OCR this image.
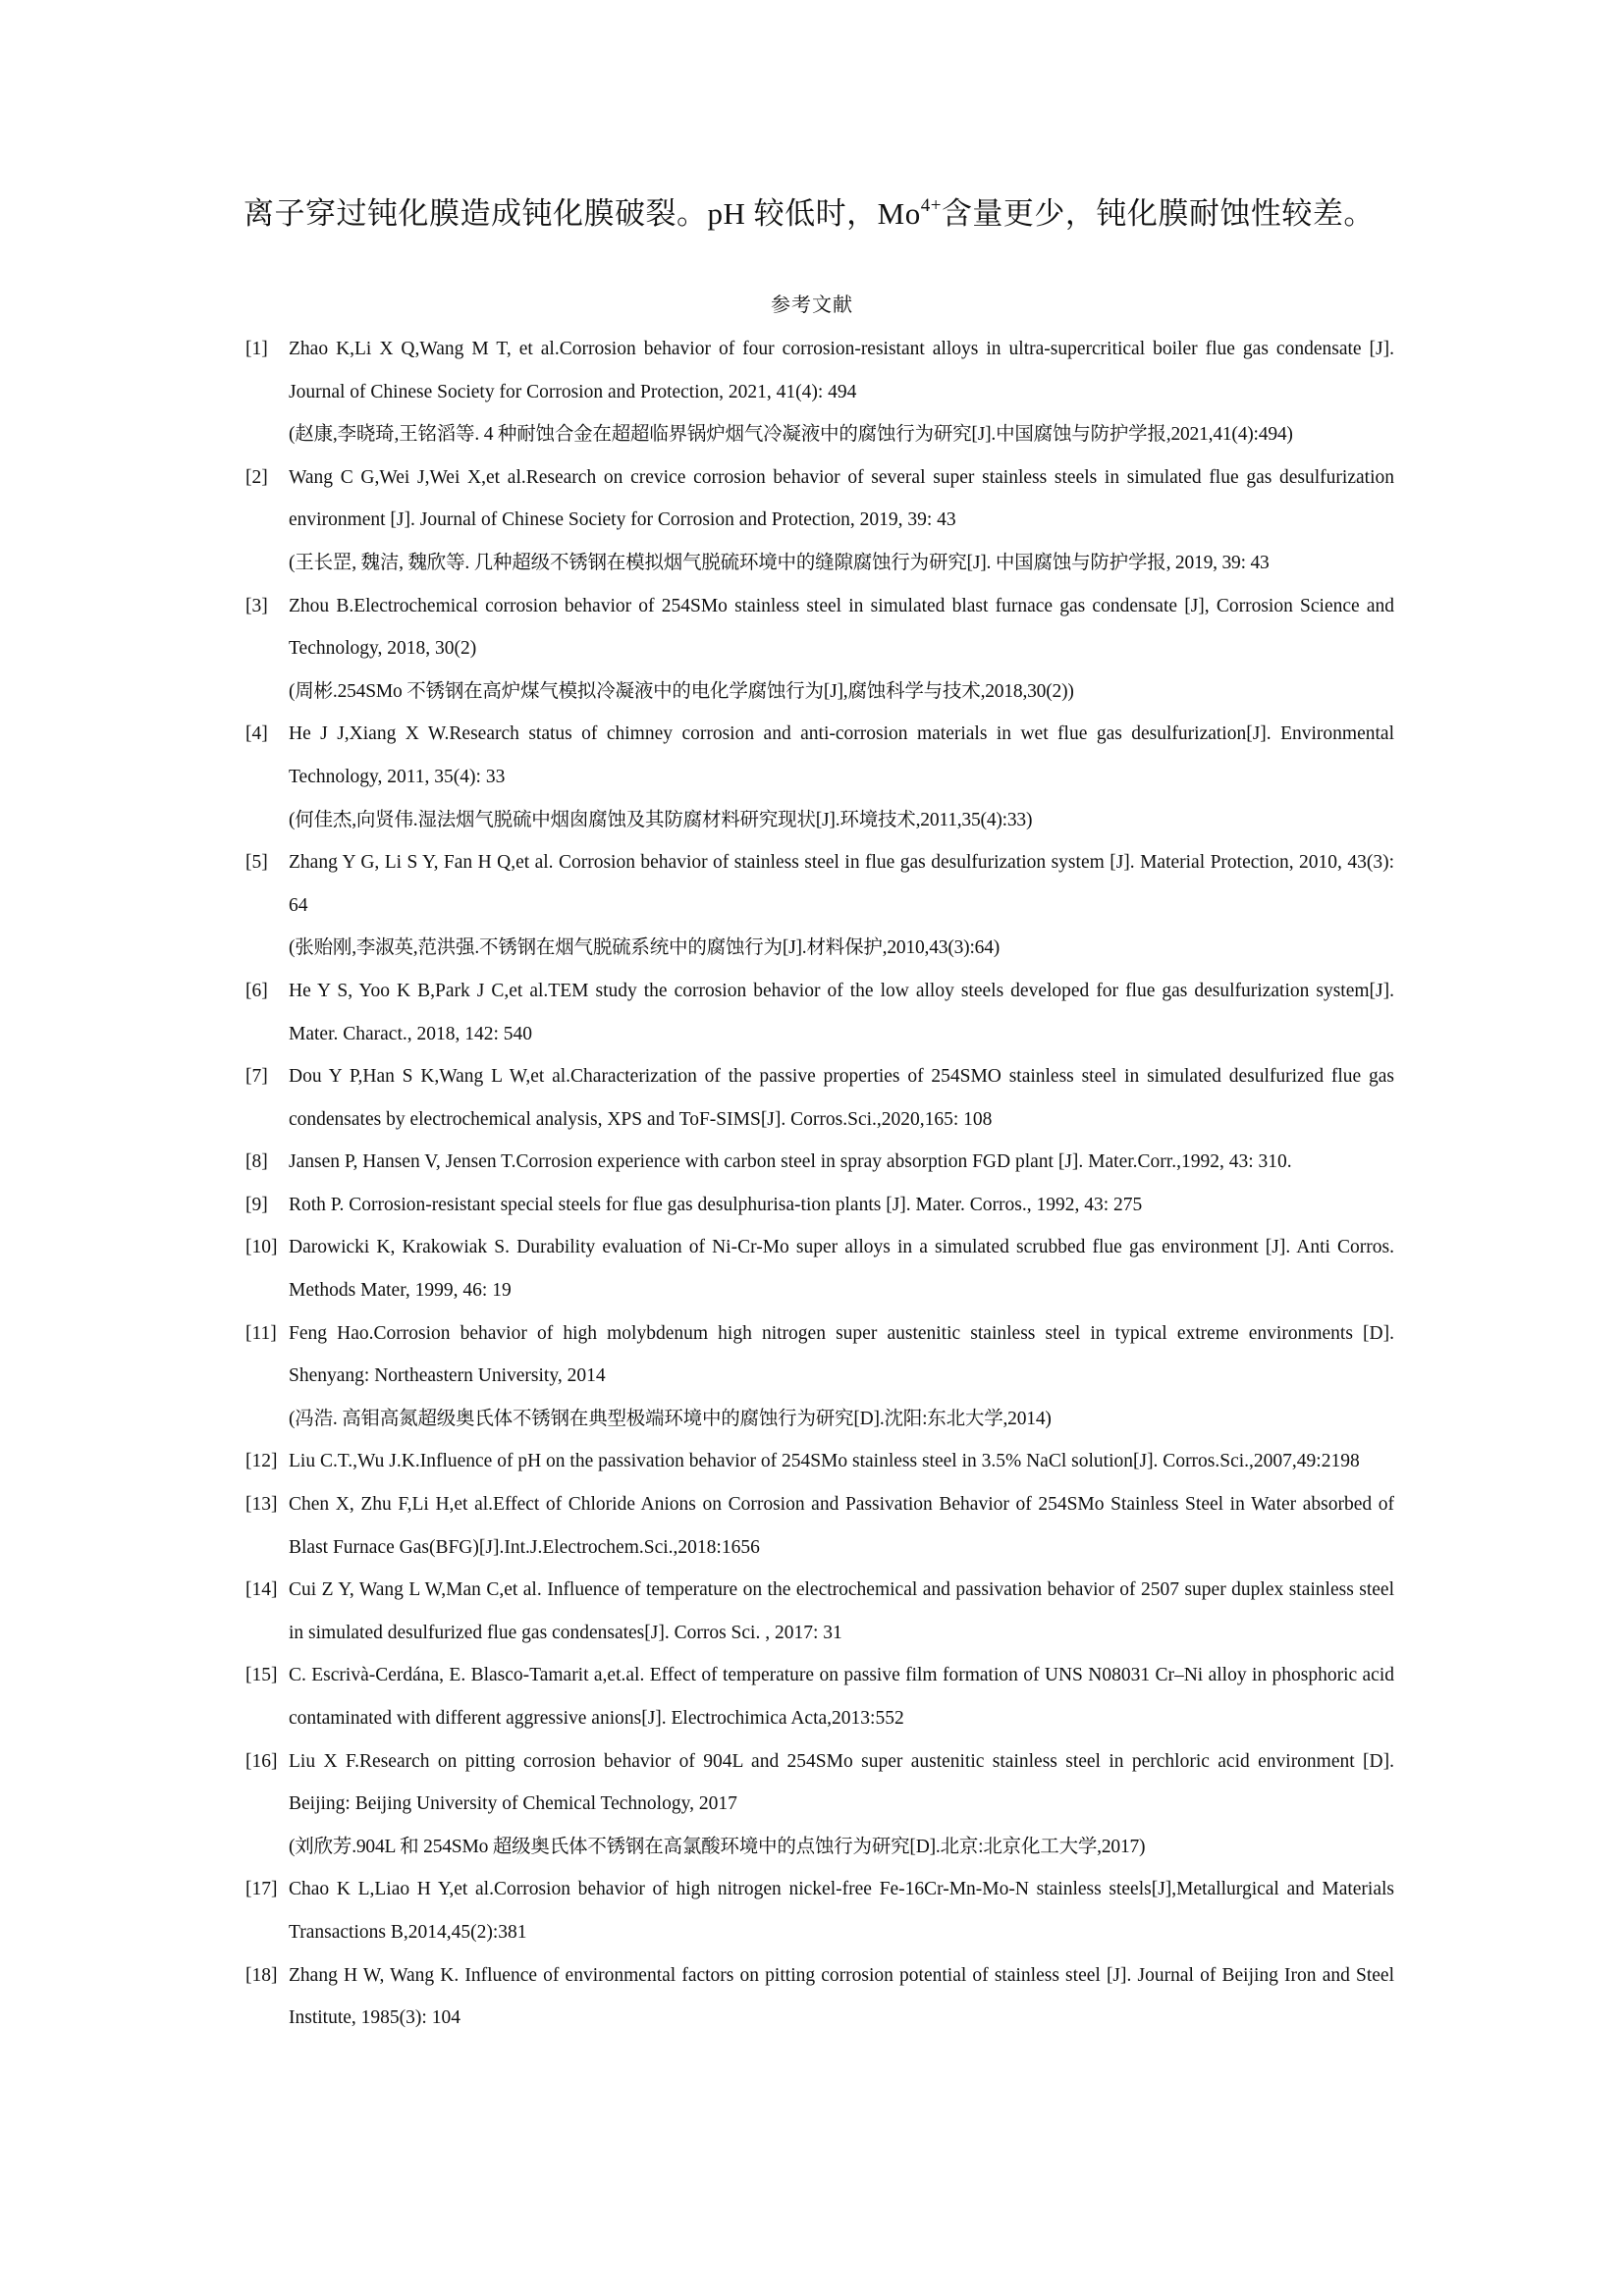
离子穿过钝化膜造成钝化膜破裂。pH 较低时，$Mo^{4+}$含量更少，钝化膜耐蚀性较差。

参考文献
[1] Zhao K,Li X Q,Wang M T, et al.Corrosion behavior of four corrosion-resistant alloys in ultra-supercritical boiler flue gas condensate [J]. Journal of Chinese Society for Corrosion and Protection, 2021, 41(4): 494
(赵康,李晓琦,王铭滔等. 4 种耐蚀合金在超超临界锅炉烟气冷凝液中的腐蚀行为研究[J].中国腐蚀与防护学报,2021,41(4):494)
[2] Wang C G,Wei J,Wei X,et al.Research on crevice corrosion behavior of several super stainless steels in simulated flue gas desulfurization environment [J]. Journal of Chinese Society for Corrosion and Protection, 2019, 39: 43
(王长罡, 魏洁, 魏欣等. 几种超级不锈钢在模拟烟气脱硫环境中的缝隙腐蚀行为研究[J]. 中国腐蚀与防护学报, 2019, 39: 43
[3] Zhou B.Electrochemical corrosion behavior of 254SMo stainless steel in simulated blast furnace gas condensate [J], Corrosion Science and Technology, 2018, 30(2)
(周彬.254SMo 不锈钢在高炉煤气模拟冷凝液中的电化学腐蚀行为[J],腐蚀科学与技术,2018,30(2))
[4] He J J,Xiang X W.Research status of chimney corrosion and anti-corrosion materials in wet flue gas desulfurization[J]. Environmental Technology, 2011, 35(4): 33
(何佳杰,向贤伟.湿法烟气脱硫中烟囱腐蚀及其防腐材料研究现状[J].环境技术,2011,35(4):33)
[5] Zhang Y G, Li S Y, Fan H Q,et al. Corrosion behavior of stainless steel in flue gas desulfurization system [J]. Material Protection, 2010, 43(3): 64
(张贻刚,李淑英,范洪强.不锈钢在烟气脱硫系统中的腐蚀行为[J].材料保护,2010,43(3):64)
[6] He Y S, Yoo K B,Park J C,et al.TEM study the corrosion behavior of the low alloy steels developed for flue gas desulfurization system[J]. Mater. Charact., 2018, 142: 540
[7] Dou Y P,Han S K,Wang L W,et al.Characterization of the passive properties of 254SMO stainless steel in simulated desulfurized flue gas condensates by electrochemical analysis, XPS and ToF-SIMS[J]. Corros.Sci.,2020,165: 108
[8] Jansen P, Hansen V, Jensen T.Corrosion experience with carbon steel in spray absorption FGD plant [J]. Mater.Corr.,1992, 43: 310.
[9] Roth P. Corrosion-resistant special steels for flue gas desulphurisa-tion plants [J]. Mater. Corros., 1992, 43: 275
[10] Darowicki K, Krakowiak S. Durability evaluation of Ni-Cr-Mo super alloys in a simulated scrubbed flue gas environment [J]. Anti Corros. Methods Mater, 1999, 46: 19
[11] Feng Hao.Corrosion behavior of high molybdenum high nitrogen super austenitic stainless steel in typical extreme environments [D]. Shenyang: Northeastern University, 2014
(冯浩. 高钼高氮超级奥氏体不锈钢在典型极端环境中的腐蚀行为研究[D].沈阳:东北大学,2014)
[12] Liu C.T.,Wu J.K.Influence of pH on the passivation behavior of 254SMo stainless steel in 3.5% NaCl solution[J]. Corros.Sci.,2007,49:2198
[13] Chen X, Zhu F,Li H,et al.Effect of Chloride Anions on Corrosion and Passivation Behavior of 254SMo Stainless Steel in Water absorbed of Blast Furnace Gas(BFG)[J].Int.J.Electrochem.Sci.,2018:1656
[14] Cui Z Y, Wang L W,Man C,et al. Influence of temperature on the electrochemical and passivation behavior of 2507 super duplex stainless steel in simulated desulfurized flue gas condensates[J]. Corros Sci. , 2017: 31
[15] C. Escrivà-Cerdána, E. Blasco-Tamarit a,et.al. Effect of temperature on passive film formation of UNS N08031 Cr–Ni alloy in phosphoric acid contaminated with different aggressive anions[J]. Electrochimica Acta,2013:552
[16] Liu X F.Research on pitting corrosion behavior of 904L and 254SMo super austenitic stainless steel in perchloric acid environment [D]. Beijing: Beijing University of Chemical Technology, 2017
(刘欣芳.904L 和 254SMo 超级奥氏体不锈钢在高氯酸环境中的点蚀行为研究[D].北京:北京化工大学,2017)
[17] Chao K L,Liao H Y,et al.Corrosion behavior of high nitrogen nickel-free Fe-16Cr-Mn-Mo-N stainless steels[J],Metallurgical and Materials Transactions B,2014,45(2):381
[18] Zhang H W, Wang K. Influence of environmental factors on pitting corrosion potential of stainless steel [J]. Journal of Beijing Iron and Steel Institute, 1985(3): 104
